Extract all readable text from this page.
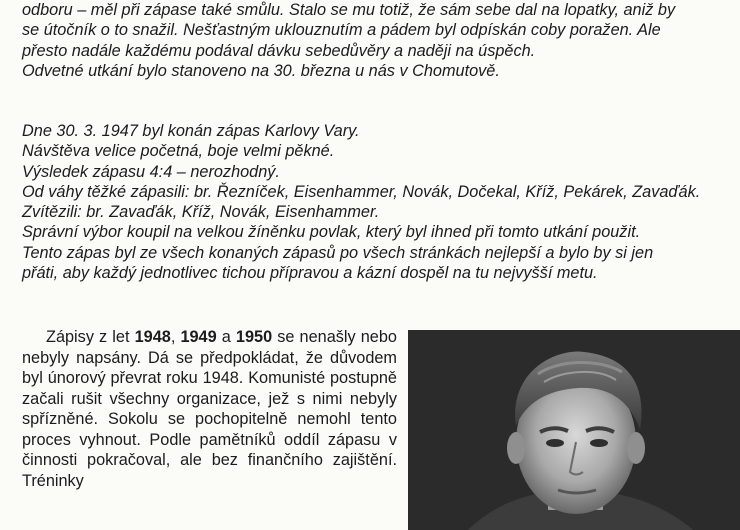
odboru – měl při zápase také smůlu. Stalo se mu totiž, že sám sebe dal na lopatky, aniž by

se útočník o to snažil. Nešťastným uklouznutím a pádem byl odpískán coby poražen. Ale

přesto nadále každému podával dávku sebedůvěry a naději na úspěch.

Odvetné utkání bylo stanoveno na 30. března u nás v Chomutově.

Dne 30. 3. 1947 byl konán zápas Karlovy Vary.

Návštěva velice početná, boje velmi pěkné.

Výsledek zápasu 4:4 – nerozhodný.

Od váhy těžké zápasili: br. Řezníček, Eisenhammer, Novák, Dočekal, Kříž, Pekárek, Zavaďák.

Zvítězili: br. Zavaďák, Kříž, Novák, Eisenhammer.

Správní výbor koupil na velkou žíněnku povlak, který byl ihned při tomto utkání použit.

Tento zápas byl ze všech konaných zápasů po všech stránkách nejlepší a bylo by si jen

přáti, aby každý jednotlivec tichou přípravou a kázní dospěl na tu nejvyšší metu.

Zápisy z let 1948, 1949 a 1950 se nenašly nebo nebyly napsány. Dá se předpokládat, že důvodem byl únorový převrat roku 1948. Komunisté postupně začali rušit všechny organizace, jež s nimi nebyly spřízněné. Sokolu se pochopitelně nemohl tento proces vyhnout. Podle pamětníků oddíl zápasu v činnosti pokračoval, ale bez finančního zajištění. Tréninky
